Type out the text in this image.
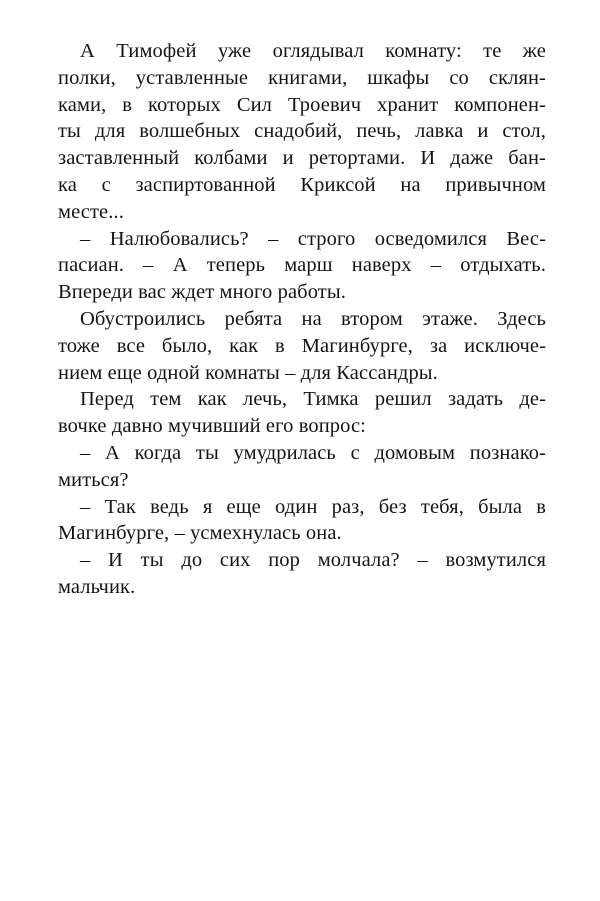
А Тимофей уже оглядывал комнату: те же
полки, уставленные книгами, шкафы со склян-
ками, в которых Сил Троевич хранит компонен-
ты для волшебных снадобий, печь, лавка и стол,
заставленный колбами и ретортами. И даже бан-
ка с заспиртованной Криксой на привычном
месте...
– Налюбовались? – строго осведомился Вес-
пасиан. – А теперь марш наверх – отдыхать.
Впереди вас ждет много работы.
Обустроились ребята на втором этаже. Здесь
тоже все было, как в Магинбурге, за исключе-
нием еще одной комнаты – для Кассандры.
Перед тем как лечь, Тимка решил задать де-
вочке давно мучивший его вопрос:
– А когда ты умудрилась с домовым познако-
миться?
– Так ведь я еще один раз, без тебя, была в
Магинбурге, – усмехнулась она.
– И ты до сих пор молчала? – возмутился
мальчик.
